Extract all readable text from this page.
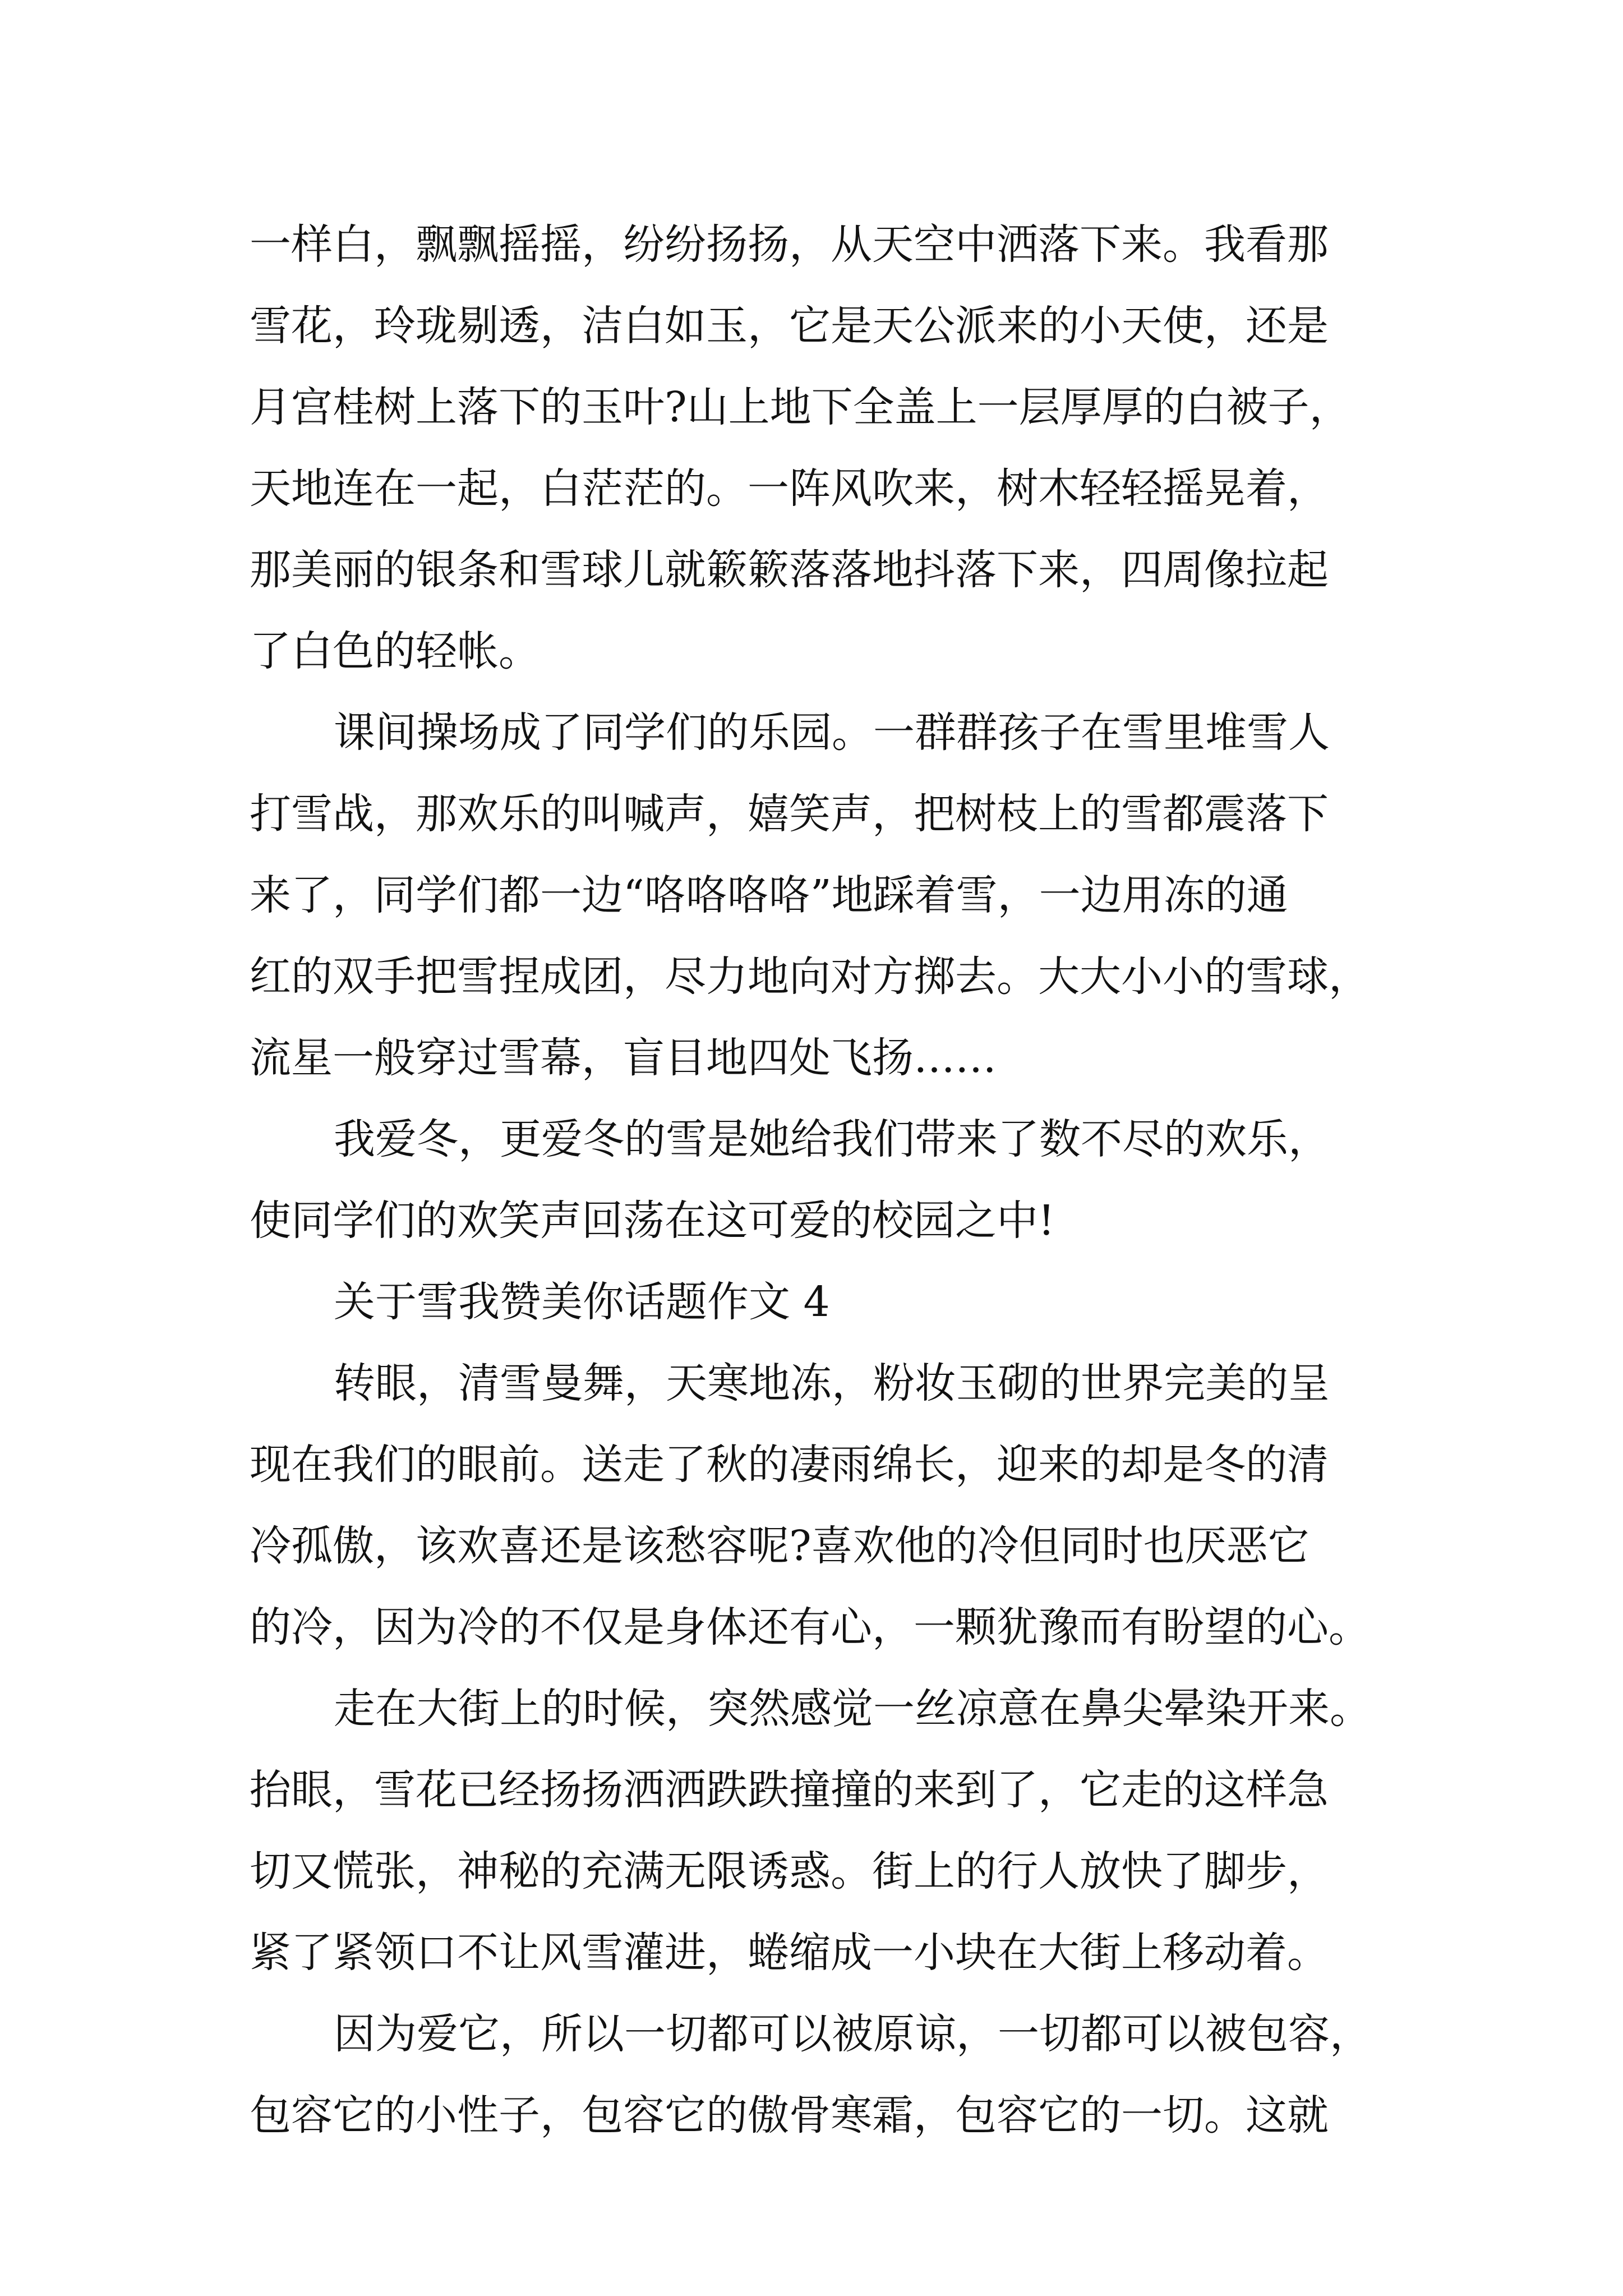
一样白，飘飘摇摇，纷纷扬扬，从天空中洒落下来。我看那
雪花，玲珑剔透，洁白如玉，它是天公派来的小天使，还是
月宫桂树上落下的玉叶?山上地下全盖上一层厚厚的白被子，
天地连在一起，白茫茫的。一阵风吹来，树木轻轻摇晃着，
那美丽的银条和雪球儿就簌簌落落地抖落下来，四周像拉起
了白色的轻帐。
课间操场成了同学们的乐园。一群群孩子在雪里堆雪人
打雪战，那欢乐的叫喊声，嬉笑声，把树枝上的雪都震落下
来了，同学们都一边“咯咯咯咯”地踩着雪，一边用冻的通
红的双手把雪捏成团，尽力地向对方掷去。大大小小的雪球，
流星一般穿过雪幕，盲目地四处飞扬……
我爱冬，更爱冬的雪是她给我们带来了数不尽的欢乐，
使同学们的欢笑声回荡在这可爱的校园之中!
关于雪我赞美你话题作文 4
转眼，清雪曼舞，天寒地冻，粉妆玉砌的世界完美的呈
现在我们的眼前。送走了秋的凄雨绵长，迎来的却是冬的清
冷孤傲，该欢喜还是该愁容呢?喜欢他的冷但同时也厌恶它
的冷，因为冷的不仅是身体还有心，一颗犹豫而有盼望的心。
走在大街上的时候，突然感觉一丝凉意在鼻尖晕染开来。
抬眼，雪花已经扬扬洒洒跌跌撞撞的来到了，它走的这样急
切又慌张，神秘的充满无限诱惑。街上的行人放快了脚步，
紧了紧领口不让风雪灌进，蜷缩成一小块在大街上移动着。
因为爱它，所以一切都可以被原谅，一切都可以被包容，
包容它的小性子，包容它的傲骨寒霜，包容它的一切。这就
